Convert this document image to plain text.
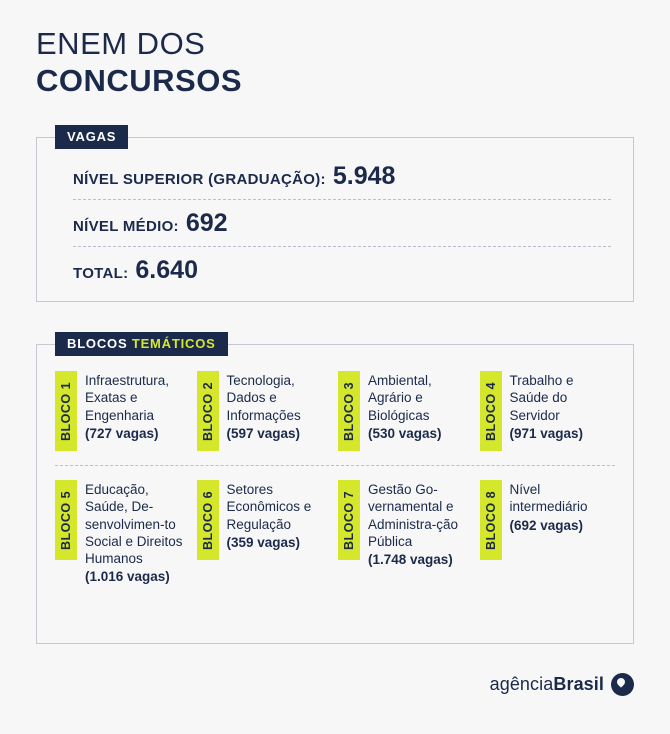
ENEM DOS
CONCURSOS
VAGAS
NÍVEL SUPERIOR (GRADUAÇÃO): 5.948
NÍVEL MÉDIO: 692
TOTAL: 6.640
BLOCOS TEMÁTICOS
BLOCO 1
Infraestrutura, Exatas e Engenharia
(727 vagas)	BLOCO 2
Tecnologia, Dados e Informações
(597 vagas)	BLOCO 3
Ambiental, Agrário e Biológicas
(530 vagas)	BLOCO 4
Trabalho e Saúde do Servidor
(971 vagas)
BLOCO 5
Educação, Saúde, De-senvolvimen-to Social e Direitos Humanos
(1.016 vagas)
BLOCO 6
Setores Econômicos e Regulação
(359 vagas)	BLOCO 7
Gestão Go-vernamental e Administra-ção Pública
(1.748 vagas)
BLOCO 8
Nível intermediário
(692 vagas)
agênciaBrasil
